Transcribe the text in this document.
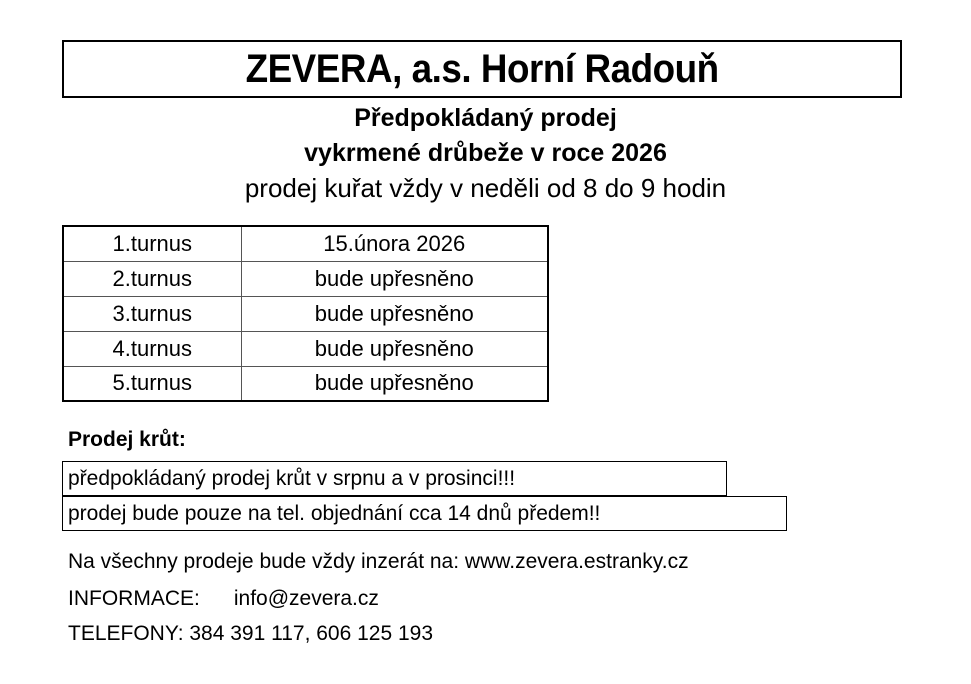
ZEVERA, a.s. Horní Radouň
Předpokládaný prodej
vykrmené drůbeže v roce 2026
prodej kuřat vždy v neděli od 8 do 9 hodin
1.turnus	15.února 2026
2.turnus	bude upřesněno
3.turnus	bude upřesněno
4.turnus	bude upřesněno
5.turnus	bude upřesněno
Prodej krůt:
prodej bude pouze na tel. objednání cca 14 dnů předem!!
předpokládaný prodej krůt v srpnu a v prosinci!!!
Na všechny prodeje bude vždy inzerát na: www.zevera.estranky.cz
INFORMACE: info@zevera.cz
TELEFONY: 384 391 117, 606 125 193
